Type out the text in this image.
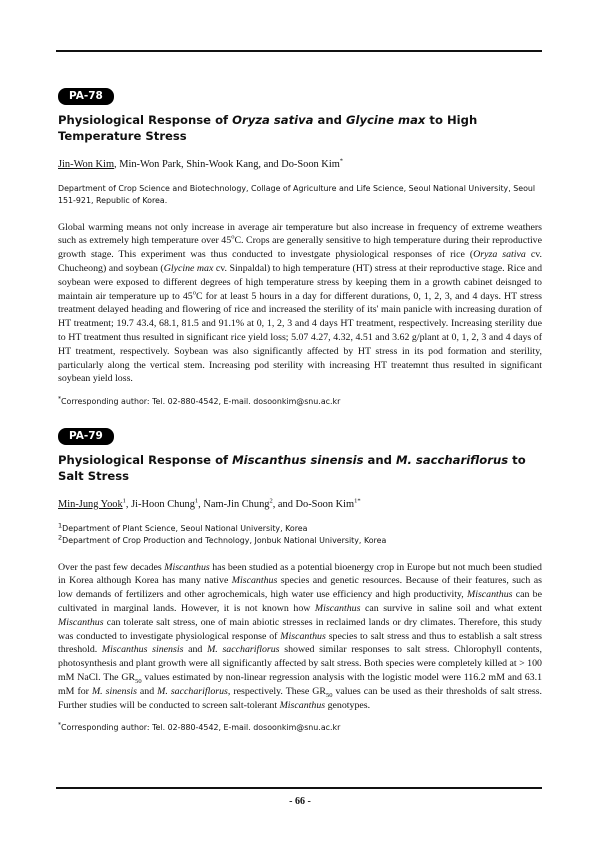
PA-78
Physiological Response of Oryza sativa and Glycine max to High Temperature Stress
Jin-Won Kim, Min-Won Park, Shin-Wook Kang, and Do-Soon Kim*
Department of Crop Science and Biotechnology, Collage of Agriculture and Life Science, Seoul National University, Seoul 151-921, Republic of Korea.
Global warming means not only increase in average air temperature but also increase in frequency of extreme weathers such as extremely high temperature over 45$^o$C. Crops are generally sensitive to high temperature during their reproductive growth stage. This experiment was thus conducted to investgate physiological responses of rice (Oryza sativa cv. Chucheong) and soybean (Glycine max cv. Sinpaldal) to high temperature (HT) stress at their reproductive stage. Rice and soybean were exposed to different degrees of high temperature stress by keeping them in a growth cabinet deisnged to maintain air temperature up to 45$^o$C for at least 5 hours in a day for different durations, 0, 1, 2, 3, and 4 days. HT stress treatment delayed heading and flowering of rice and increased the sterility of its' main panicle with increasing duration of HT treatment; 19.7 43.4, 68.1, 81.5 and 91.1% at 0, 1, 2, 3 and 4 days HT treatment, respectively. Increasing sterility due to HT treatment thus resulted in significant rice yield loss; 5.07 4.27, 4.32, 4.51 and 3.62 g/plant at 0, 1, 2, 3 and 4 days of HT treatment, respectively. Soybean was also significantly affected by HT stress in its pod formation and sterility, particularly along the vertical stem. Increasing pod sterility with increasing HT treatemnt thus resulted in significant soybean yield loss.
*Corresponding author: Tel. 02-880-4542, E-mail. dosoonkim@snu.ac.kr
PA-79
Physiological Response of Miscanthus sinensis and M. sacchariflorus to Salt Stress
Min-Jung Yook$^1$, Ji-Hoon Chung$^1$, Nam-Jin Chung$^2$, and Do-Soon Kim$^{1*}$
$^1$Department of Plant Science, Seoul National University, Korea
$^2$Department of Crop Production and Technology, Jonbuk National University, Korea
Over the past few decades Miscanthus has been studied as a potential bioenergy crop in Europe but not much been studied in Korea although Korea has many native Miscanthus species and genetic resources. Because of their features, such as low demands of fertilizers and other agrochemicals, high water use efficiency and high productivity, Miscanthus can be cultivated in marginal lands. However, it is not known how Miscanthus can survive in saline soil and what extent Miscanthus can tolerate salt stress, one of main abiotic stresses in reclaimed lands or dry climates. Therefore, this study was conducted to investigate physiological response of Miscanthus species to salt stress and thus to establish a salt stress threshold. Miscanthus sinensis and M. sacchariflorus showed similar responses to salt stress. Chlorophyll contents, photosynthesis and plant growth were all significantly affected by salt stress. Both species were completely killed at > 100 mM NaCl. The $GR_{50}$ values estimated by non-linear regression analysis with the logistic model were 116.2 mM and 63.1 mM for M. sinensis and M. sacchariflorus, respectively. These $GR_{50}$ values can be used as their thresholds of salt stress. Further studies will be conducted to screen salt-tolerant Miscanthus genotypes.
*Corresponding author: Tel. 02-880-4542, E-mail. dosoonkim@snu.ac.kr
- 66 -
